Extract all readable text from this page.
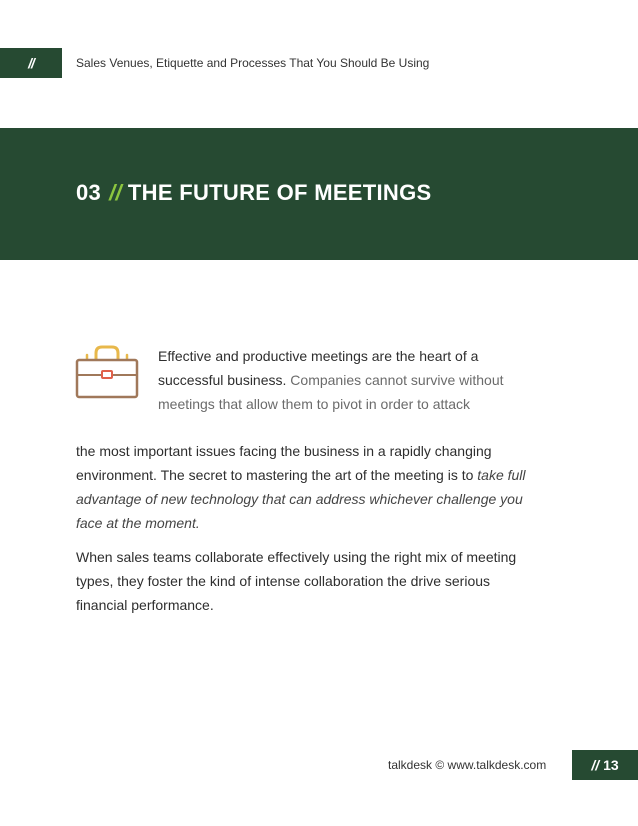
//	Sales Venues, Etiquette and Processes That You Should Be Using
03 // THE FUTURE OF MEETINGS
Effective and productive meetings are the heart of a successful business. Companies cannot survive without meetings that allow them to pivot in order to attack

the most important issues facing the business in a rapidly changing environment. The secret to mastering the art of the meeting is to take full advantage of new technology that can address whichever challenge you face at the moment.

When sales teams collaborate effectively using the right mix of meeting types, they foster the kind of intense collaboration the drive serious financial performance.

talkdesk © www.talkdesk.com	// 13
